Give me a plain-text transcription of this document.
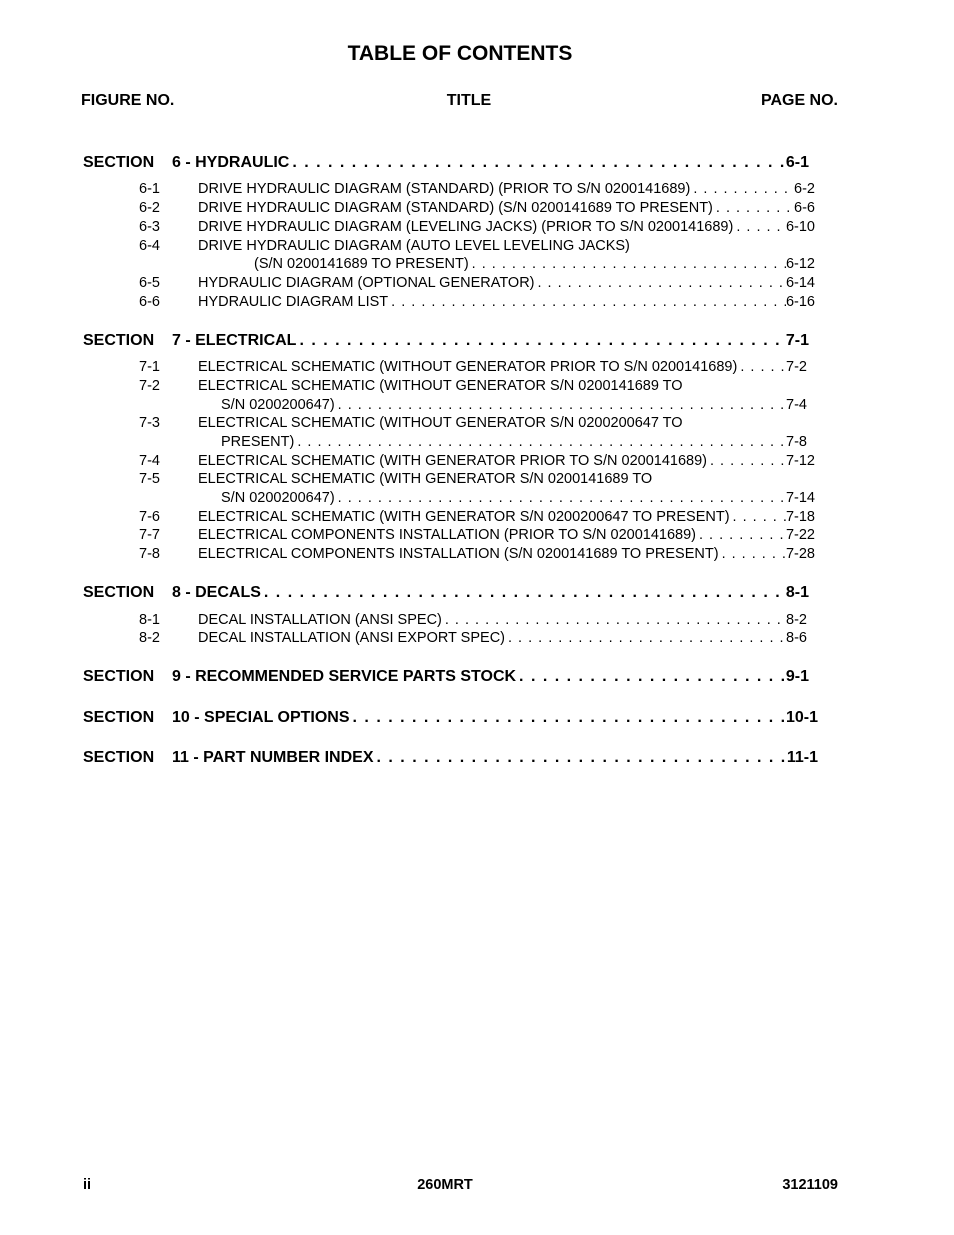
TABLE OF CONTENTS
FIGURE NO.	TITLE	PAGE NO.
SECTION	6 - HYDRAULIC . . .	6-1
6-1	DRIVE HYDRAULIC DIAGRAM (STANDARD) (PRIOR TO S/N 0200141689) . . .	6-2
6-2	DRIVE HYDRAULIC DIAGRAM (STANDARD) (S/N 0200141689 TO PRESENT) . . .	6-6
6-3	DRIVE HYDRAULIC DIAGRAM (LEVELING JACKS) (PRIOR TO S/N 0200141689) . . .	6-10
6-4	DRIVE HYDRAULIC DIAGRAM (AUTO LEVEL LEVELING JACKS)
(S/N 0200141689 TO PRESENT) . . .	6-12
6-5	HYDRAULIC DIAGRAM (OPTIONAL GENERATOR) . . .	6-14
6-6	HYDRAULIC DIAGRAM LIST . . .	6-16
SECTION	7 - ELECTRICAL . . .	7-1
7-1	ELECTRICAL SCHEMATIC (WITHOUT GENERATOR PRIOR TO S/N 0200141689) . . .	7-2
7-2	ELECTRICAL SCHEMATIC (WITHOUT GENERATOR S/N 0200141689 TO
S/N 0200200647) . . .	7-4
7-3	ELECTRICAL SCHEMATIC (WITHOUT GENERATOR S/N 0200200647 TO
PRESENT) . . .	7-8
7-4	ELECTRICAL SCHEMATIC (WITH GENERATOR PRIOR TO S/N 0200141689) . . .	7-12
7-5	ELECTRICAL SCHEMATIC (WITH GENERATOR S/N 0200141689 TO
S/N 0200200647) . . .	7-14
7-6	ELECTRICAL SCHEMATIC (WITH GENERATOR S/N 0200200647 TO PRESENT) . . .	7-18
7-7	ELECTRICAL COMPONENTS INSTALLATION (PRIOR TO S/N 0200141689) . . .	7-22
7-8	ELECTRICAL COMPONENTS INSTALLATION (S/N 0200141689 TO PRESENT) . . .	7-28
SECTION	8 - DECALS . . .	8-1
8-1	DECAL INSTALLATION (ANSI SPEC) . . .	8-2
8-2	DECAL INSTALLATION (ANSI EXPORT SPEC) . . .	8-6
SECTION	9 - RECOMMENDED SERVICE PARTS STOCK . . .	9-1
SECTION	10 - SPECIAL OPTIONS . . .	10-1
SECTION	11 - PART NUMBER INDEX . . .	11-1
ii	260MRT	3121109
